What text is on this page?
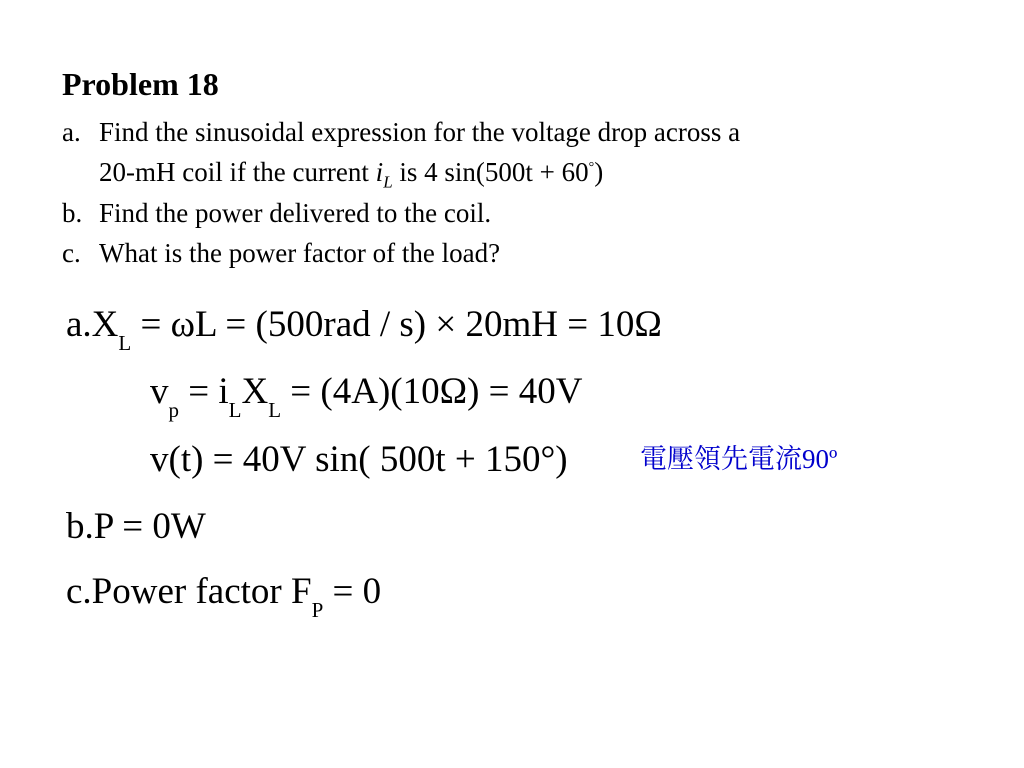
Problem 18
a. Find the sinusoidal expression for the voltage drop across a
20-mH coil if the current $i_L$ is 4 sin(500t + 60°)
b. Find the power delivered to the coil.
c. What is the power factor of the load?
$a.X_L = \omega L = (500rad / s) \times 20mH = 10\Omega$
$v_p = i_LX_L = (4A)(10\Omega) = 40V$
v(t) = 40V sin( 500t + 150°)	電壓領先電流90º
b.P = 0W
c.Power factor $F_P = 0$
